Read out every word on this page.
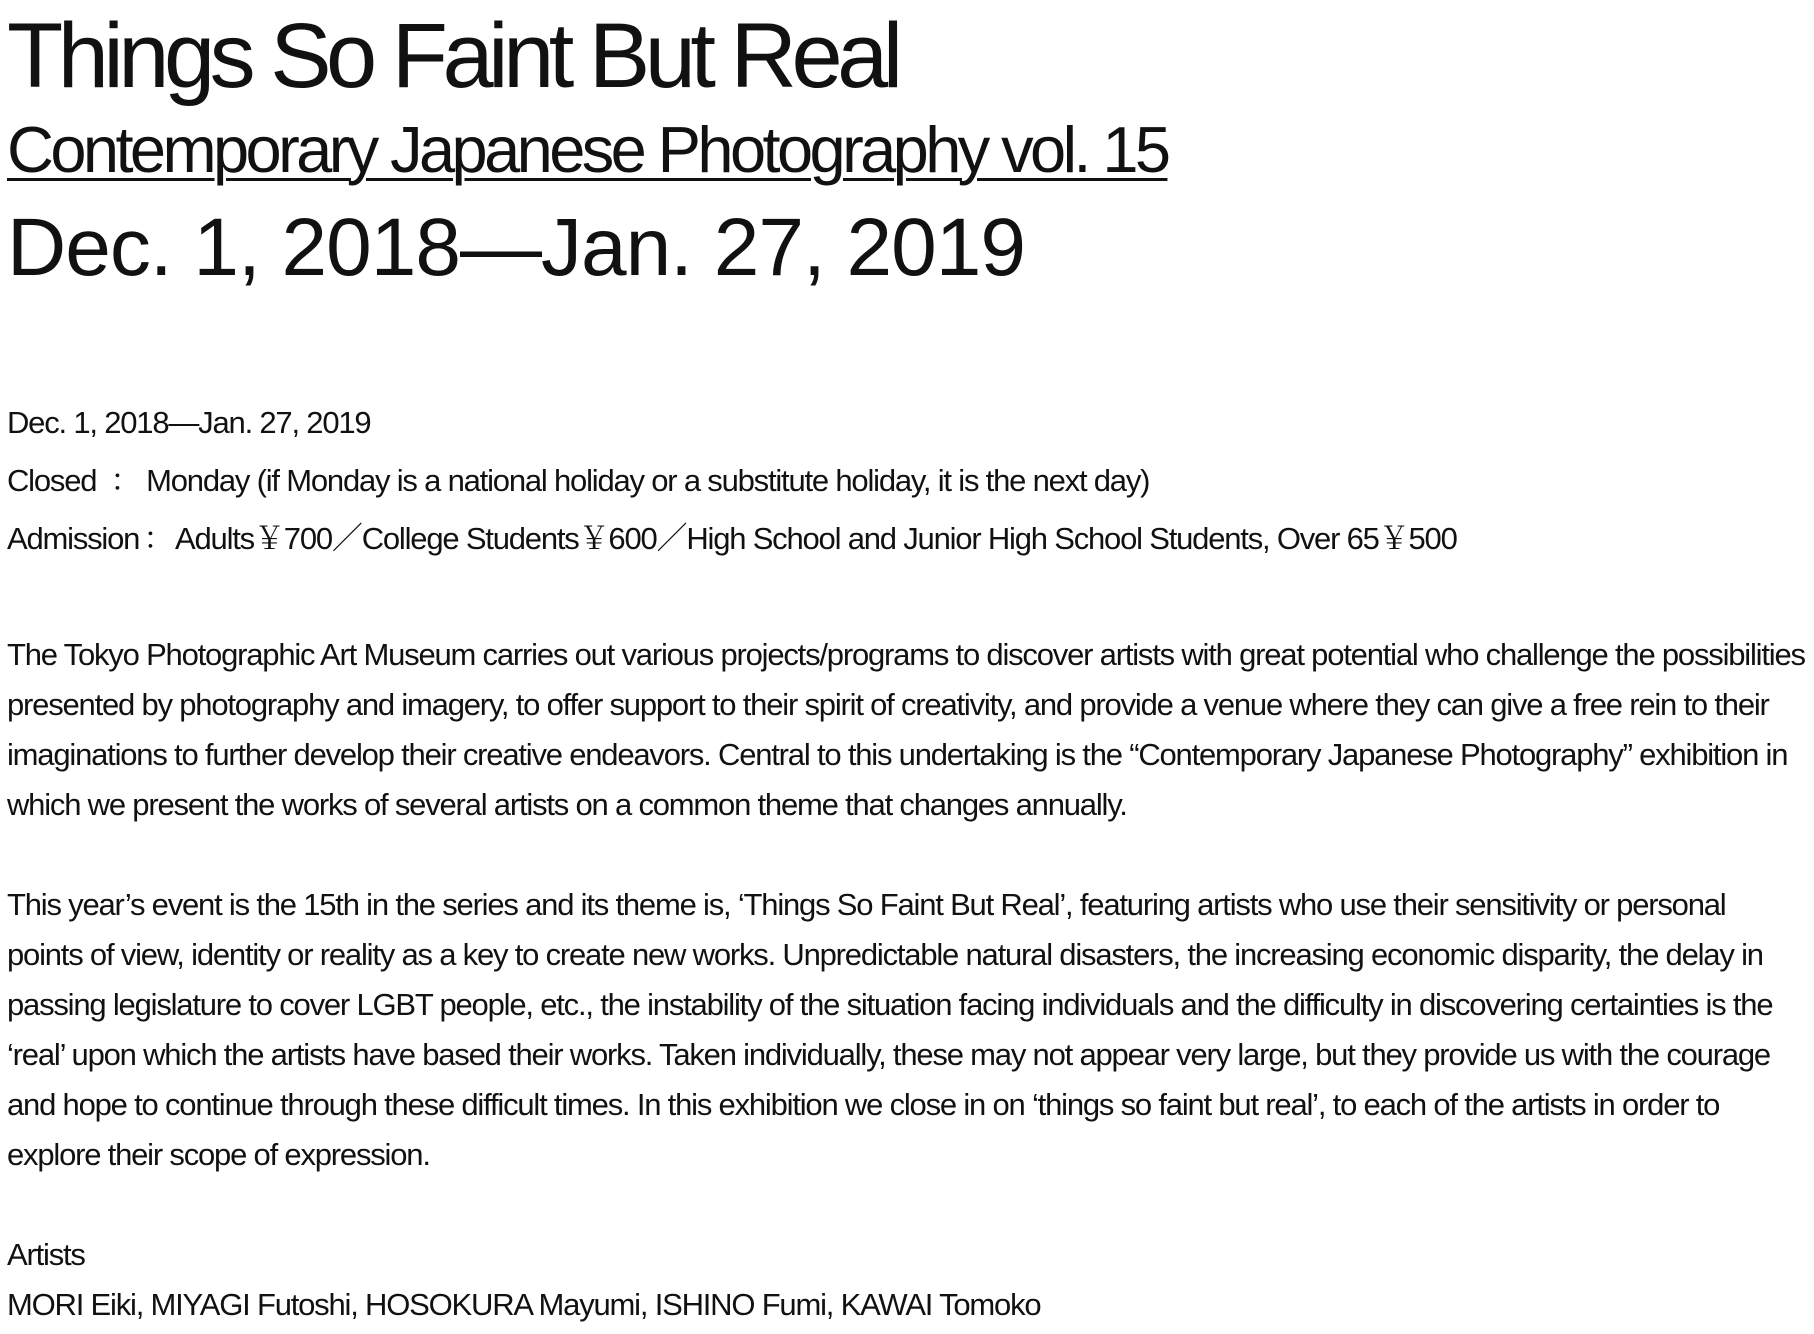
Things So Faint But Real
Contemporary Japanese Photography vol. 15
Dec. 1, 2018—Jan. 27, 2019
Dec. 1, 2018—Jan. 27, 2019
Closed ： Monday (if Monday is a national holiday or a substitute holiday, it is the next day)
Admission ：Adults￥700／College Students￥600／High School and Junior High School Students, Over 65￥500

The Tokyo Photographic Art Museum carries out various projects/programs to discover artists with great potential who challenge the possibilities presented by photography and imagery, to offer support to their spirit of creativity, and provide a venue where they can give a free rein to their imaginations to further develop their creative endeavors. Central to this undertaking is the “Contemporary Japanese Photography” exhibition in which we present the works of several artists on a common theme that changes annually.

This year’s event is the 15th in the series and its theme is, ‘Things So Faint But Real’, featuring artists who use their sensitivity or personal points of view, identity or reality as a key to create new works. Unpredictable natural disasters, the increasing economic disparity, the delay in passing legislature to cover LGBT people, etc., the instability of the situation facing individuals and the difficulty in discovering certainties is the ‘real’ upon which the artists have based their works. Taken individually, these may not appear very large, but they provide us with the courage and hope to continue through these difficult times. In this exhibition we close in on ‘things so faint but real’, to each of the artists in order to explore their scope of expression.

Artists
MORI Eiki, MIYAGI Futoshi, HOSOKURA Mayumi, ISHINO Fumi, KAWAI Tomoko
